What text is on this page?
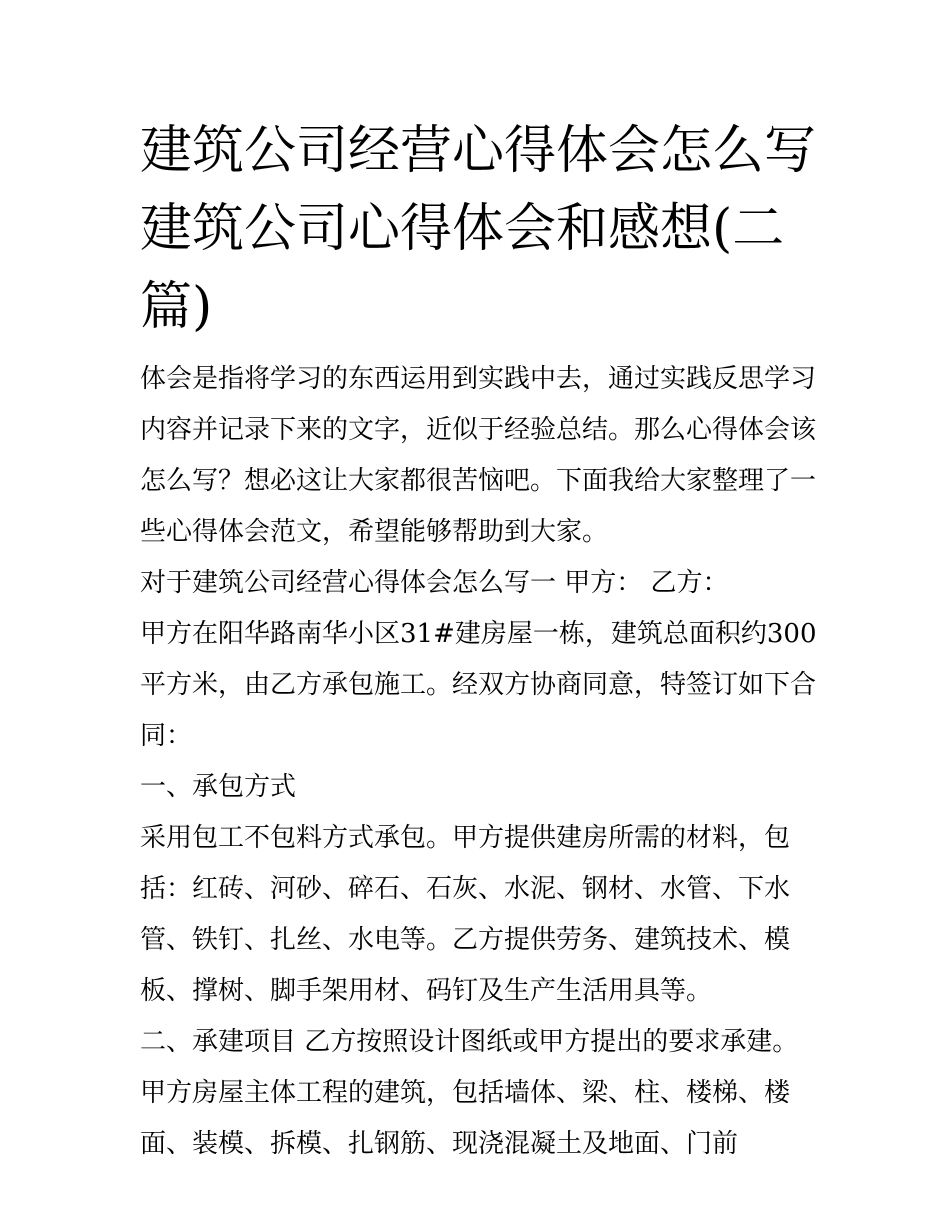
建筑公司经营心得体会怎么写建筑公司心得体会和感想(二篇)

体会是指将学习的东西运用到实践中去，通过实践反思学习内容并记录下来的文字，近似于经验总结。那么心得体会该怎么写？想必这让大家都很苦恼吧。下面我给大家整理了一些心得体会范文，希望能够帮助到大家。

对于建筑公司经营心得体会怎么写一 甲方： 乙方：

甲方在阳华路南华小区31#建房屋一栋，建筑总面积约300平方米，由乙方承包施工。经双方协商同意，特签订如下合同：

一、承包方式

采用包工不包料方式承包。甲方提供建房所需的材料，包括：红砖、河砂、碎石、石灰、水泥、钢材、水管、下水管、铁钉、扎丝、水电等。乙方提供劳务、建筑技术、模板、撑树、脚手架用材、码钉及生产生活用具等。

二、承建项目 乙方按照设计图纸或甲方提出的要求承建。甲方房屋主体工程的建筑，包括墙体、梁、柱、楼梯、楼面、装模、拆模、扎钢筋、现浇混凝土及地面、门前
